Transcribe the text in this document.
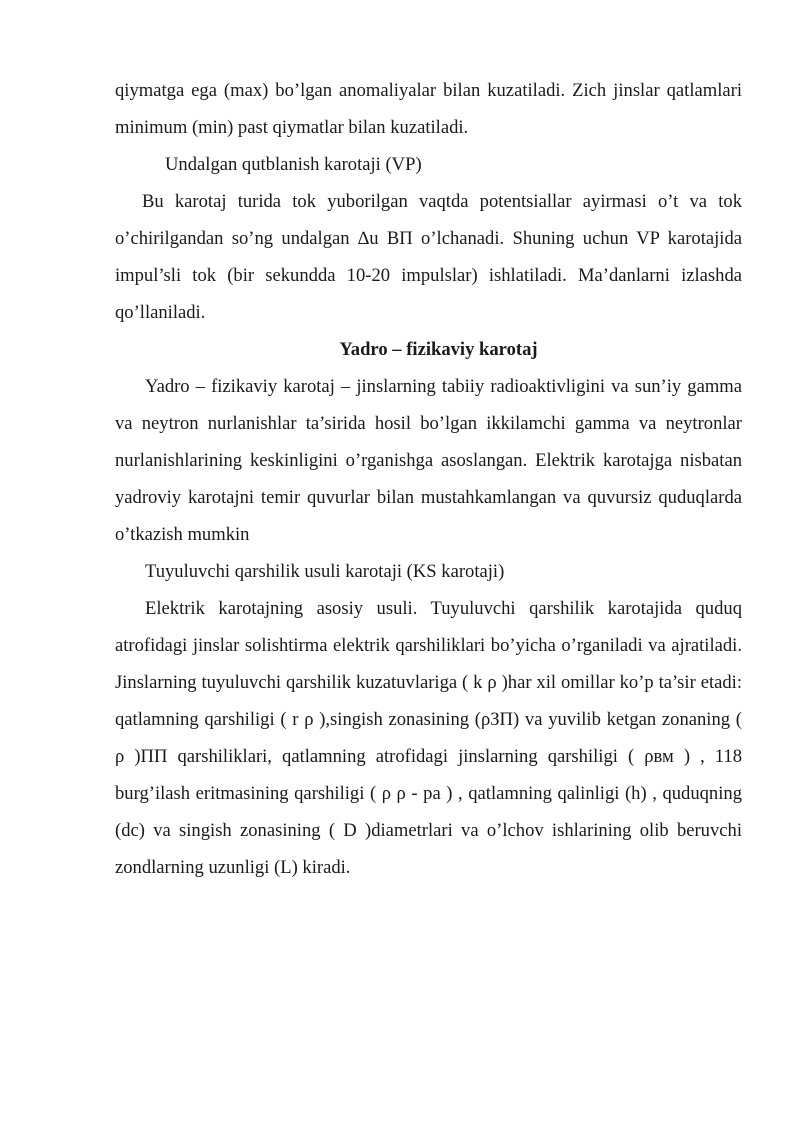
qiymatga ega (max) bo’lgan anomaliyalar bilan kuzatiladi. Zich jinslar qatlamlari minimum (min) past qiymatlar bilan kuzatiladi.

Undalgan qutblanish karotaji (VP)

Bu karotaj turida tok yuborilgan vaqtda potentsiallar ayirmasi o’t va tok o’chirilgandan so’ng undalgan ∆u BП o’lchanadi. Shuning uchun VP karotajida impul’sli tok (bir sekundda 10-20 impulslar) ishlatiladi. Ma’danlarni izlashda qo’llaniladi.

Yadro – fizikaviy karotaj

Yadro – fizikaviy karotaj – jinslarning tabiiy radioaktivligini va sun’iy gamma va neytron nurlanishlar ta’sirida hosil bo’lgan ikkilamchi gamma va neytronlar nurlanishlarining keskinligini o’rganishga asoslangan. Elektrik karotajga nisbatan yadroviy karotajni temir quvurlar bilan mustahkamlangan va quvursiz quduqlarda o’tkazish mumkin

Tuyuluvchi qarshilik usuli karotaji (KS karotaji)

Elektrik karotajning asosiy usuli. Tuyuluvchi qarshilik karotajida quduq atrofidagi jinslar solishtirma elektrik qarshiliklari bo’yicha o’rganiladi va ajratiladi. Jinslarning tuyuluvchi qarshilik kuzatuvlariga ( k ρ )har xil omillar ko’p ta’sir etadi: qatlamning qarshiligi ( r ρ ),singish zonasining (ρЗП) va yuvilib ketgan zonaning ( ρ )ПП qarshiliklari, qatlamning atrofidagi jinslarning qarshiligi ( ρвм ) , 118 burg’ilash eritmasining qarshiligi ( ρ ρ - pa ) , qatlamning qalinligi (h) , quduqning (dc) va singish zonasining ( D )diametrlari va o’lchov ishlarining olib beruvchi zondlarning uzunligi (L) kiradi.
